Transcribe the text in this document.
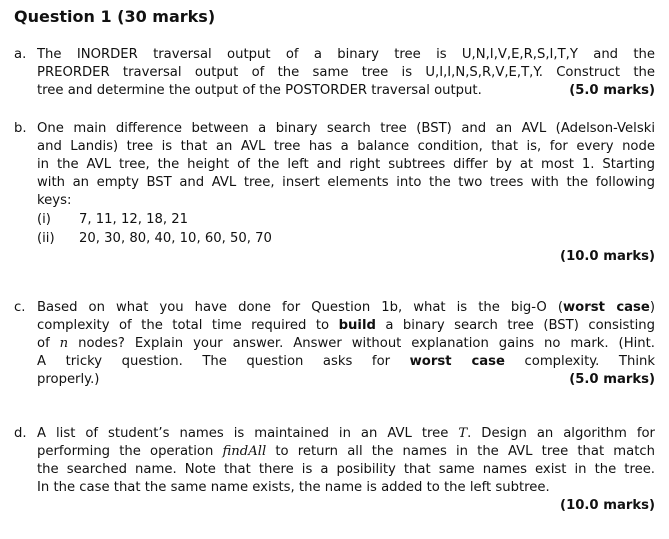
Question 1 (30 marks)
a. The INORDER traversal output of a binary tree is U,N,I,V,E,R,S,I,T,Y and the
PREORDER traversal output of the same tree is U,I,I,N,S,R,V,E,T,Y. Construct the
(5.0 marks)
tree and determine the output of the POSTORDER traversal output.
b. One main difference between a binary search tree (BST) and an AVL (Adelson-Velski
and Landis) tree is that an AVL tree has a balance condition, that is, for every node
in the AVL tree, the height of the left and right subtrees differ by at most 1. Starting
with an empty BST and AVL tree, insert elements into the two trees with the following
keys:
(i) 7, 11, 12, 18, 21
(ii) 20, 30, 80, 40, 10, 60, 50, 70
(10.0 marks)
c. Based on what you have done for Question 1b, what is the big-O (worst case)
complexity of the total time required to build a binary search tree (BST) consisting
of n nodes? Explain your answer. Answer without explanation gains no mark. (Hint.
A tricky question. The question asks for worst case complexity. Think
(5.0 marks)
properly.)
d. A list of student’s names is maintained in an AVL tree T. Design an algorithm for
performing the operation findAll to return all the names in the AVL tree that match
the searched name. Note that there is a posibility that same names exist in the tree.
In the case that the same name exists, the name is added to the left subtree.
(10.0 marks)
